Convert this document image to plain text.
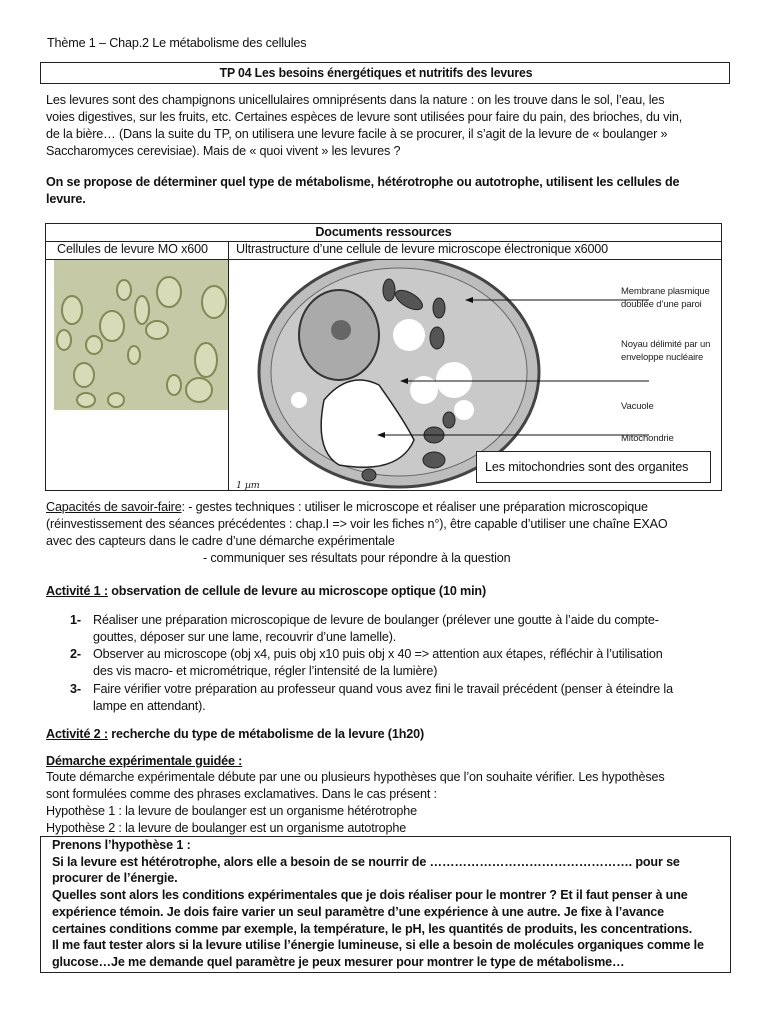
Thème 1 – Chap.2 Le métabolisme des cellules
TP 04 Les besoins énergétiques et nutritifs des levures
Les levures sont des champignons unicellulaires omniprésents dans la nature : on les trouve dans le sol, l’eau, les
voies digestives, sur les fruits, etc. Certaines espèces de levure sont utilisées pour faire du pain, des brioches, du vin,
de la bière… (Dans la suite du TP, on utilisera une levure facile à se procurer, il s’agit de la levure de « boulanger »
Saccharomyces cerevisiae). Mais de « quoi vivent » les levures ?
On se propose de déterminer quel type de métabolisme, hétérotrophe ou autotrophe, utilisent les cellules de
levure.
Documents ressources
Cellules de levure MO x600 Ultrastructure d’une cellule de levure microscope électronique x6000
Membrane plasmique
doublée d’une paroi
Noyau délimité par un
enveloppe nucléaire
Vacuole
Mitochondrie
1 µm
Les mitochondries sont des organites
Capacités de savoir-faire: - gestes techniques : utiliser le microscope et réaliser une préparation microscopique
(réinvestissement des séances précédentes : chap.I => voir les fiches n°), être capable d’utiliser une chaîne EXAO
avec des capteurs dans le cadre d’une démarche expérimentale
- communiquer ses résultats pour répondre à la question
Activité 1 : observation de cellule de levure au microscope optique (10 min)
1- Réaliser une préparation microscopique de levure de boulanger (prélever une goutte à l’aide du compte-
gouttes, déposer sur une lame, recouvrir d’une lamelle).
2- Observer au microscope (obj x4, puis obj x10 puis obj x 40 => attention aux étapes, réfléchir à l’utilisation
des vis macro- et micrométrique, régler l’intensité de la lumière)
3- Faire vérifier votre préparation au professeur quand vous avez fini le travail précédent (penser à éteindre la
lampe en attendant).
Activité 2 : recherche du type de métabolisme de la levure (1h20)
Démarche expérimentale guidée :
Toute démarche expérimentale débute par une ou plusieurs hypothèses que l’on souhaite vérifier. Les hypothèses
sont formulées comme des phrases exclamatives. Dans le cas présent :
Hypothèse 1 : la levure de boulanger est un organisme hétérotrophe
Hypothèse 2 : la levure de boulanger est un organisme autotrophe
Prenons l’hypothèse 1 :
Si la levure est hétérotrophe, alors elle a besoin de se nourrir de …………………………………………. pour se
procurer de l’énergie.
Quelles sont alors les conditions expérimentales que je dois réaliser pour le montrer ? Et il faut penser à une
expérience témoin. Je dois faire varier un seul paramètre d’une expérience à une autre. Je fixe à l’avance
certaines conditions comme par exemple, la température, le pH, les quantités de produits, les concentrations.
Il me faut tester alors si la levure utilise l’énergie lumineuse, si elle a besoin de molécules organiques comme le
glucose…Je me demande quel paramètre je peux mesurer pour montrer le type de métabolisme…
